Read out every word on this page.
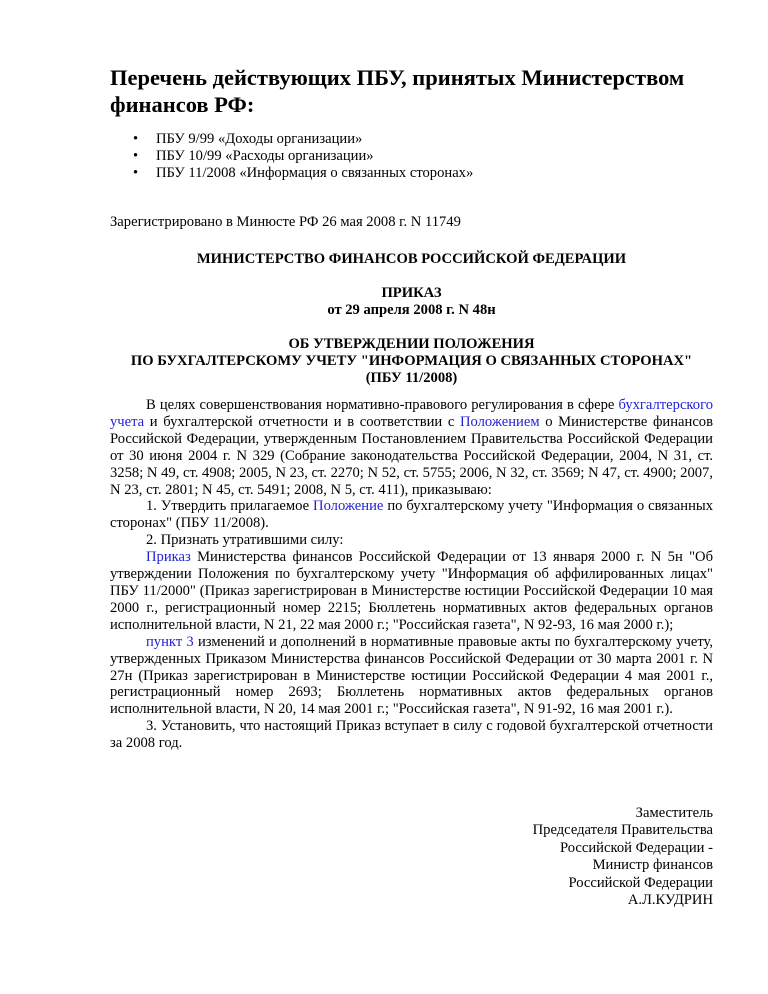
Перечень действующих ПБУ, принятых Министерством
финансов РФ:
• ПБУ 9/99 «Доходы организации»
• ПБУ 10/99 «Расходы организации»
• ПБУ 11/2008 «Информация о связанных сторонах»
Зарегистрировано в Минюсте РФ 26 мая 2008 г. N 11749
МИНИСТЕРСТВО ФИНАНСОВ РОССИЙСКОЙ ФЕДЕРАЦИИ
ПРИКАЗ
от 29 апреля 2008 г. N 48н
ОБ УТВЕРЖДЕНИИ ПОЛОЖЕНИЯ
ПО БУХГАЛТЕРСКОМУ УЧЕТУ "ИНФОРМАЦИЯ О СВЯЗАННЫХ СТОРОНАХ"
(ПБУ 11/2008)

В целях совершенствования нормативно-правового регулирования в сфере бухгалтерского учета и бухгалтерской отчетности и в соответствии с Положением о Министерстве финансов Российской Федерации, утвержденным Постановлением Правительства Российской Федерации от 30 июня 2004 г. N 329 (Собрание законодательства Российской Федерации, 2004, N 31, ст. 3258; N 49, ст. 4908; 2005, N 23, ст. 2270; N 52, ст. 5755; 2006, N 32, ст. 3569; N 47, ст. 4900; 2007, N 23, ст. 2801; N 45, ст. 5491; 2008, N 5, ст. 411), приказываю:

1. Утвердить прилагаемое Положение по бухгалтерскому учету "Информация о связанных сторонах" (ПБУ 11/2008).

2. Признать утратившими силу:

Приказ Министерства финансов Российской Федерации от 13 января 2000 г. N 5н "Об утверждении Положения по бухгалтерскому учету "Информация об аффилированных лицах" ПБУ 11/2000" (Приказ зарегистрирован в Министерстве юстиции Российской Федерации 10 мая 2000 г., регистрационный номер 2215; Бюллетень нормативных актов федеральных органов исполнительной власти, N 21, 22 мая 2000 г.; "Российская газета", N 92-93, 16 мая 2000 г.);

пункт 3 изменений и дополнений в нормативные правовые акты по бухгалтерскому учету, утвержденных Приказом Министерства финансов Российской Федерации от 30 марта 2001 г. N 27н (Приказ зарегистрирован в Министерстве юстиции Российской Федерации 4 мая 2001 г., регистрационный номер 2693; Бюллетень нормативных актов федеральных органов исполнительной власти, N 20, 14 мая 2001 г.; "Российская газета", N 91-92, 16 мая 2001 г.).

3. Установить, что настоящий Приказ вступает в силу с годовой бухгалтерской отчетности за 2008 год.

Заместитель
Председателя Правительства
Российской Федерации -
Министр финансов
Российской Федерации
А.Л.КУДРИН
